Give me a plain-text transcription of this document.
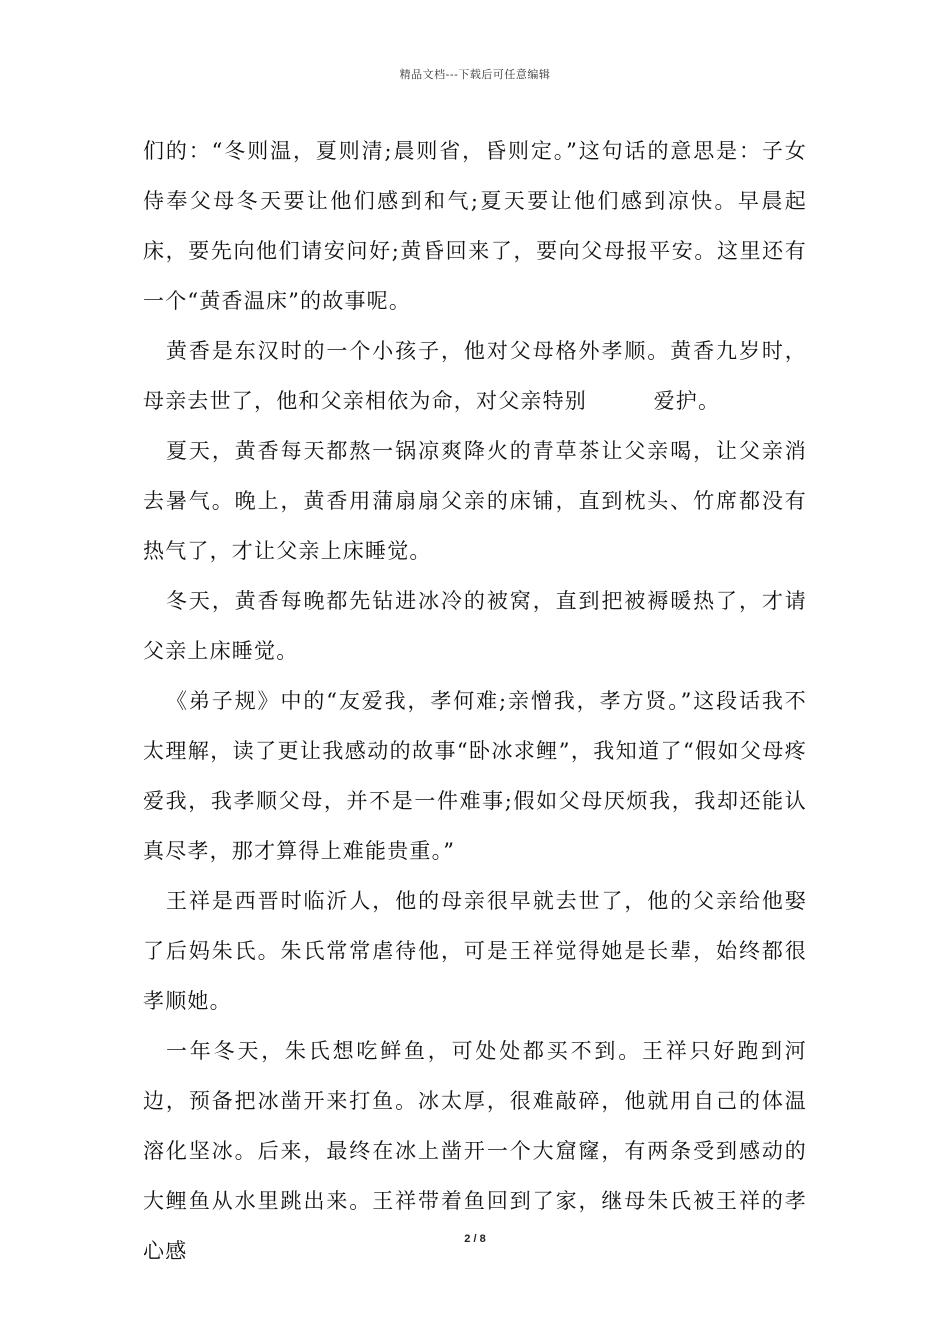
精品文档---下载后可任意编辑

们的：“冬则温，夏则清;晨则省，昏则定。”这句话的意思是：子女侍奉父母冬天要让他们感到和气;夏天要让他们感到凉快。早晨起床，要先向他们请安问好;黄昏回来了，要向父母报平安。这里还有一个“黄香温床”的故事呢。

黄香是东汉时的一个小孩子，他对父母格外孝顺。黄香九岁时，母亲去世了，他和父亲相依为命，对父亲特别　　　爱护。

夏天，黄香每天都熬一锅凉爽降火的青草茶让父亲喝，让父亲消去暑气。晚上，黄香用蒲扇扇父亲的床铺，直到枕头、竹席都没有热气了，才让父亲上床睡觉。

冬天，黄香每晚都先钻进冰冷的被窝，直到把被褥暖热了，才请父亲上床睡觉。

《弟子规》中的“友爱我，孝何难;亲憎我，孝方贤。”这段话我不太理解，读了更让我感动的故事“卧冰求鲤”，我知道了“假如父母疼爱我，我孝顺父母，并不是一件难事;假如父母厌烦我，我却还能认真尽孝，那才算得上难能贵重。”

王祥是西晋时临沂人，他的母亲很早就去世了，他的父亲给他娶了后妈朱氏。朱氏常常虐待他，可是王祥觉得她是长辈，始终都很孝顺她。

一年冬天，朱氏想吃鲜鱼，可处处都买不到。王祥只好跑到河边，预备把冰凿开来打鱼。冰太厚，很难敲碎，他就用自己的体温溶化坚冰。后来，最终在冰上凿开一个大窟窿，有两条受到感动的大鲤鱼从水里跳出来。王祥带着鱼回到了家，继母朱氏被王祥的孝心感	2 / 8
